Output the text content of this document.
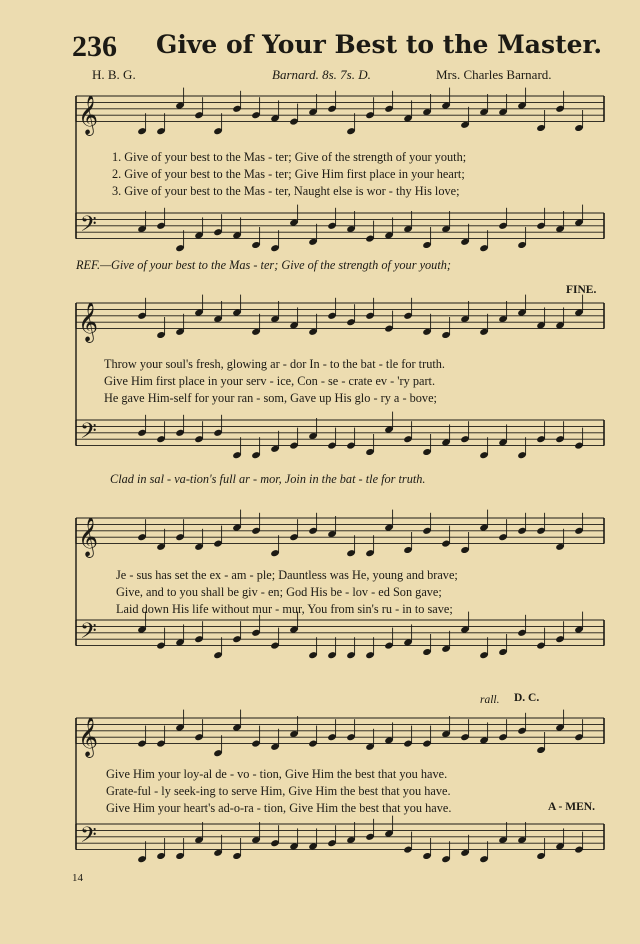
236 Give of Your Best to the Master.
H. B. G.	Barnard. 8s. 7s. D.	Mrs. Charles Barnard.
𝄞
𝄞
𝄞
𝄞
𝄢
𝄢
𝄢
𝄢
1. Give of your best to the Mas - ter; Give of the strength of your youth;
2. Give of your best to the Mas - ter; Give Him first place in your heart;
3. Give of your best to the Mas - ter, Naught else is wor - thy His love;
REF.—Give of your best to the Mas - ter; Give of the strength of your youth;
FINE.
Throw your soul's fresh, glowing ar - dor In - to the bat - tle for truth.
Give Him first place in your serv - ice, Con - se - crate ev - 'ry part.
He gave Him-self for your ran - som, Gave up His glo - ry a - bove;
Clad in sal - va-tion's full ar - mor, Join in the bat - tle for truth.
Je - sus has set the ex - am - ple; Dauntless was He, young and brave;
Give, and to you shall be giv - en; God His be - lov - ed Son gave;
Laid down His life without mur - mur, You from sin's ru - in to save;
rall. D. C.
Give Him your loy-al de - vo - tion, Give Him the best that you have.
Grate-ful - ly seek-ing to serve Him, Give Him the best that you have.
Give Him your heart's ad-o-ra - tion, Give Him the best that you have.	A - MEN.
14
